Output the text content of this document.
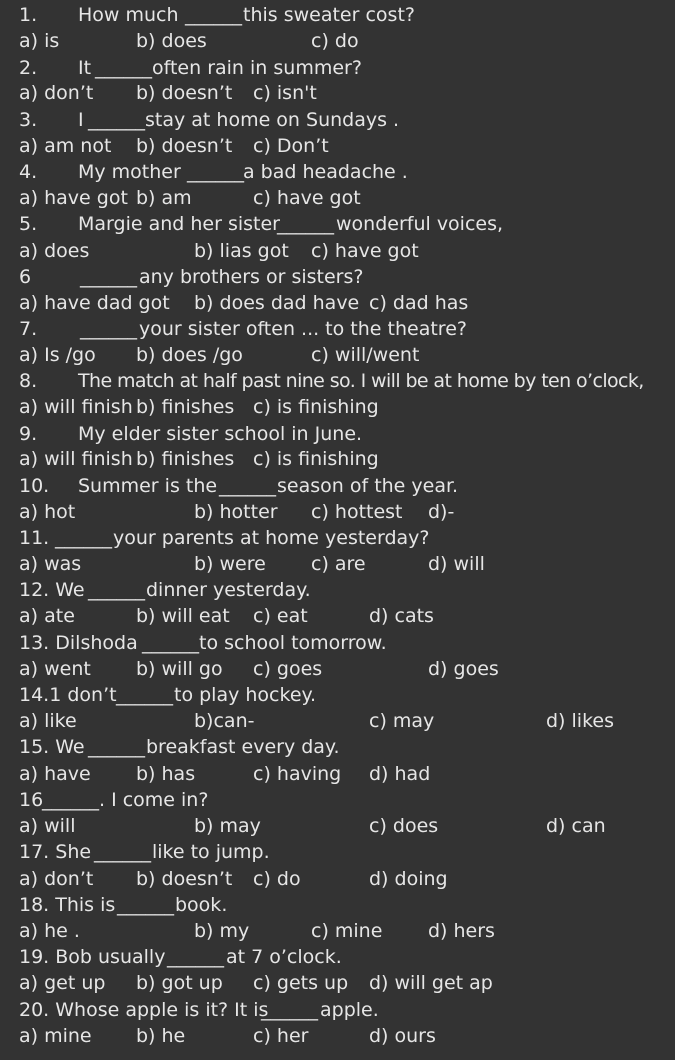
1. How much ______ this sweater cost?
a) is	b) does	c) do
2. It ______ often rain in summer?
a) don’t b) doesn’t c) isn't
3. I ______ stay at home on Sundays .
a) am not b) doesn’t c) Don’t
4. My mother ______ a bad headache .
a) have got b) am	c) have got
5. Margie and her sister
______ wonderful voices,
a) does	b) lias got c) have got
6	______ any brothers or sisters?
a) have dad got b) does dad have c) dad has
7. ______ your sister often ... to the theatre?
a) Is /go b) does /go	c) will/went
8. The match at half past nine so. I will be at home by ten o’clock,
a) will finish b) finishes c) is finishing
9. My elder sister school in June.
a) will finish b) finishes c) is finishing
10. Summer is the ______ season of the year.
a) hot	b) hotter c) hottest d)-
11. ______ your parents at home yesterday?
a) was	b) were c) are	d) will
12. We ______ dinner yesterday.
a) ate	b) will eat c) eat	d) cats
13. Dilshoda ______ to school tomorrow.
a) went b) will go c) goes	d) goes
14.1 don’t ______ to play hockey.
a) like	b)can-	c) may	d) likes
15. We ______ breakfast every day.
a) have b) has	c) having d) had
16
______ . I come in?
a) will	b) may	c) does	d) can
17. She ______ like to jump.
a) don’t b) doesn’t c) do	d) doing
18. This is ______ book.
a) he .	b) my	c) mine d) hers
19. Bob usually ______ at 7 o’clock.
a) get up b) got up c) gets up d) will get ap
20. Whose apple is it? It is
______ apple.
a) mine b) he	c) her	d) ours
